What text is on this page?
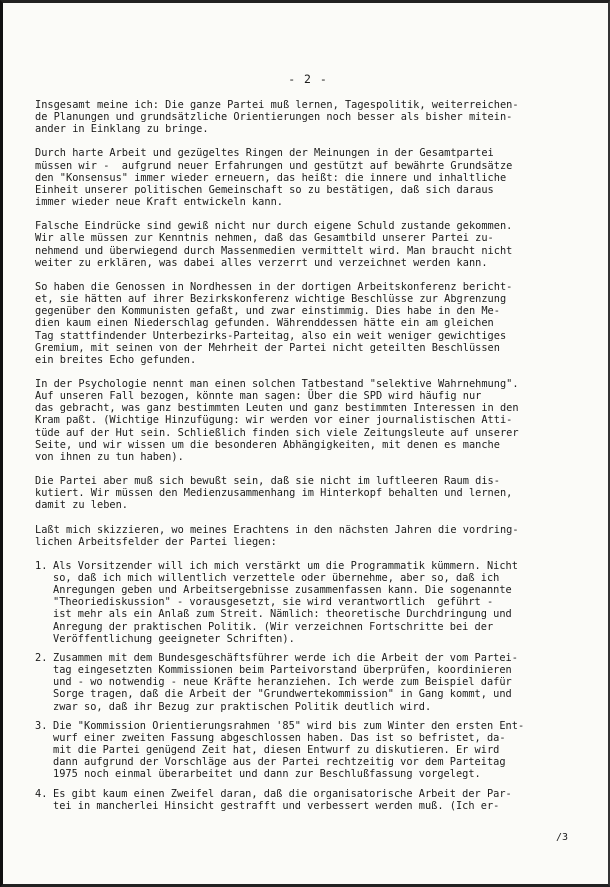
- 2 -
Insgesamt meine ich: Die ganze Partei muß lernen, Tagespolitik, weiterreichen-
de Planungen und grundsätzliche Orientierungen noch besser als bisher mitein-
ander in Einklang zu bringe.
Durch harte Arbeit und gezügeltes Ringen der Meinungen in der Gesamtpartei
müssen wir -  aufgrund neuer Erfahrungen und gestützt auf bewährte Grundsätze
den "Konsensus" immer wieder erneuern, das heißt: die innere und inhaltliche
Einheit unserer politischen Gemeinschaft so zu bestätigen, daß sich daraus
immer wieder neue Kraft entwickeln kann.
Falsche Eindrücke sind gewiß nicht nur durch eigene Schuld zustande gekommen.
Wir alle müssen zur Kenntnis nehmen, daß das Gesamtbild unserer Partei zu-
nehmend und überwiegend durch Massenmedien vermittelt wird. Man braucht nicht
weiter zu erklären, was dabei alles verzerrt und verzeichnet werden kann.
So haben die Genossen in Nordhessen in der dortigen Arbeitskonferenz bericht-
et, sie hätten auf ihrer Bezirkskonferenz wichtige Beschlüsse zur Abgrenzung
gegenüber den Kommunisten gefaßt, und zwar einstimmig. Dies habe in den Me-
dien kaum einen Niederschlag gefunden. Währenddessen hätte ein am gleichen
Tag stattfindender Unterbezirks-Parteitag, also ein weit weniger gewichtiges
Gremium, mit seinen von der Mehrheit der Partei nicht geteilten Beschlüssen
ein breites Echo gefunden.
In der Psychologie nennt man einen solchen Tatbestand "selektive Wahrnehmung".
Auf unseren Fall bezogen, könnte man sagen: Über die SPD wird häufig nur
das gebracht, was ganz bestimmten Leuten und ganz bestimmten Interessen in den
Kram paßt. (Wichtige Hinzufügung: wir werden vor einer journalistischen Atti-
tüde auf der Hut sein. Schließlich finden sich viele Zeitungsleute auf unserer
Seite, und wir wissen um die besonderen Abhängigkeiten, mit denen es manche
von ihnen zu tun haben).
Die Partei aber muß sich bewußt sein, daß sie nicht im luftleeren Raum dis-
kutiert. Wir müssen den Medienzusammenhang im Hinterkopf behalten und lernen,
damit zu leben.
Laßt mich skizzieren, wo meines Erachtens in den nächsten Jahren die vordring-
lichen Arbeitsfelder der Partei liegen:
1. Als Vorsitzender will ich mich verstärkt um die Programmatik kümmern. Nicht
so, daß ich mich willentlich verzettele oder übernehme, aber so, daß ich
Anregungen geben und Arbeitsergebnisse zusammenfassen kann. Die sogenannte
"Theoriediskussion" - vorausgesetzt, sie wird verantwortlich  geführt -
ist mehr als ein Anlaß zum Streit. Nämlich: theoretische Durchdringung und
Anregung der praktischen Politik. (Wir verzeichnen Fortschritte bei der
Veröffentlichung geeigneter Schriften).
2. Zusammen mit dem Bundesgeschäftsführer werde ich die Arbeit der vom Partei-
tag eingesetzten Kommissionen beim Parteivorstand überprüfen, koordinieren
und - wo notwendig - neue Kräfte heranziehen. Ich werde zum Beispiel dafür
Sorge tragen, daß die Arbeit der "Grundwertekommission" in Gang kommt, und
zwar so, daß ihr Bezug zur praktischen Politik deutlich wird.
3. Die "Kommission Orientierungsrahmen '85" wird bis zum Winter den ersten Ent-
wurf einer zweiten Fassung abgeschlossen haben. Das ist so befristet, da-
mit die Partei genügend Zeit hat, diesen Entwurf zu diskutieren. Er wird
dann aufgrund der Vorschläge aus der Partei rechtzeitig vor dem Parteitag
1975 noch einmal überarbeitet und dann zur Beschlußfassung vorgelegt.
4. Es gibt kaum einen Zweifel daran, daß die organisatorische Arbeit der Par-
tei in mancherlei Hinsicht gestrafft und verbessert werden muß. (Ich er-
/3
